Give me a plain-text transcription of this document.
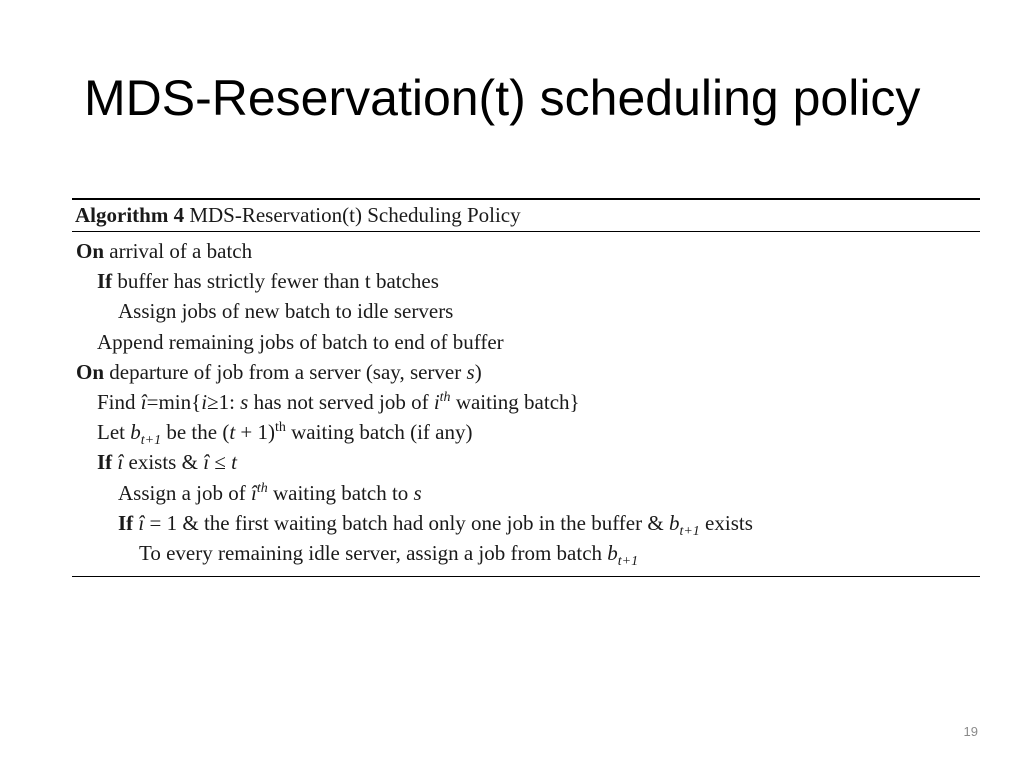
MDS-Reservation(t) scheduling policy
Algorithm 4 MDS-Reservation(t) Scheduling Policy
On arrival of a batch
If buffer has strictly fewer than t batches
Assign jobs of new batch to idle servers
Append remaining jobs of batch to end of buffer
On departure of job from a server (say, server s)
Find î=min{i≥1: s has not served job of $i^{th}$ waiting batch}
Let $b_{t+1}$ be the $(t + 1)^{th}$ waiting batch (if any)
If î exists & î ≤ t
Assign a job of $î^{th}$ waiting batch to s
If î = 1 & the first waiting batch had only one job in the buffer & $b_{t+1}$ exists
To every remaining idle server, assign a job from batch $b_{t+1}$
19
